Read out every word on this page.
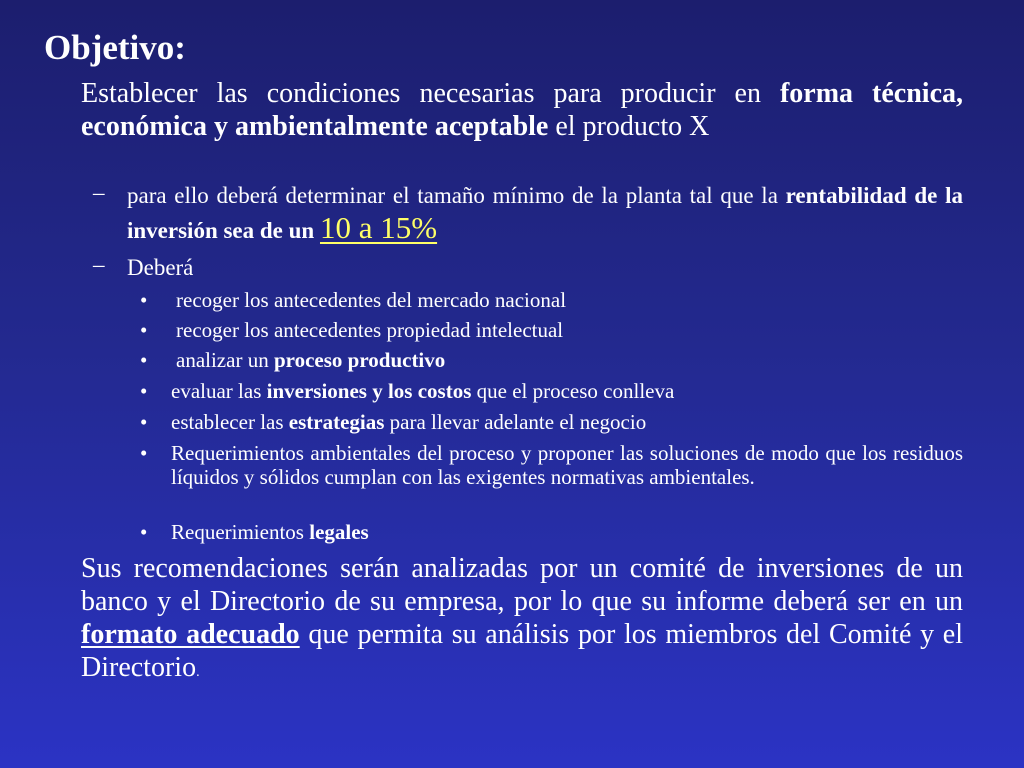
Objetivo:
Establecer las condiciones necesarias para producir en forma técnica, económica y ambientalmente aceptable el producto X
– para ello deberá determinar el tamaño mínimo de la planta tal que la rentabilidad de la inversión sea de un 10 a 15%
– Deberá
• recoger los antecedentes del mercado nacional
• recoger los antecedentes propiedad intelectual
• analizar un proceso productivo
• evaluar las inversiones y los costos que el proceso conlleva
• establecer las estrategias para llevar adelante el negocio
• Requerimientos ambientales del proceso y proponer las soluciones de modo que los residuos líquidos y sólidos cumplan con las exigentes normativas ambientales.
• Requerimientos legales
Sus recomendaciones serán analizadas por un comité de inversiones de un banco y el Directorio de su empresa, por lo que su informe deberá ser en un formato adecuado que permita su análisis por los miembros del Comité y el Directorio.
